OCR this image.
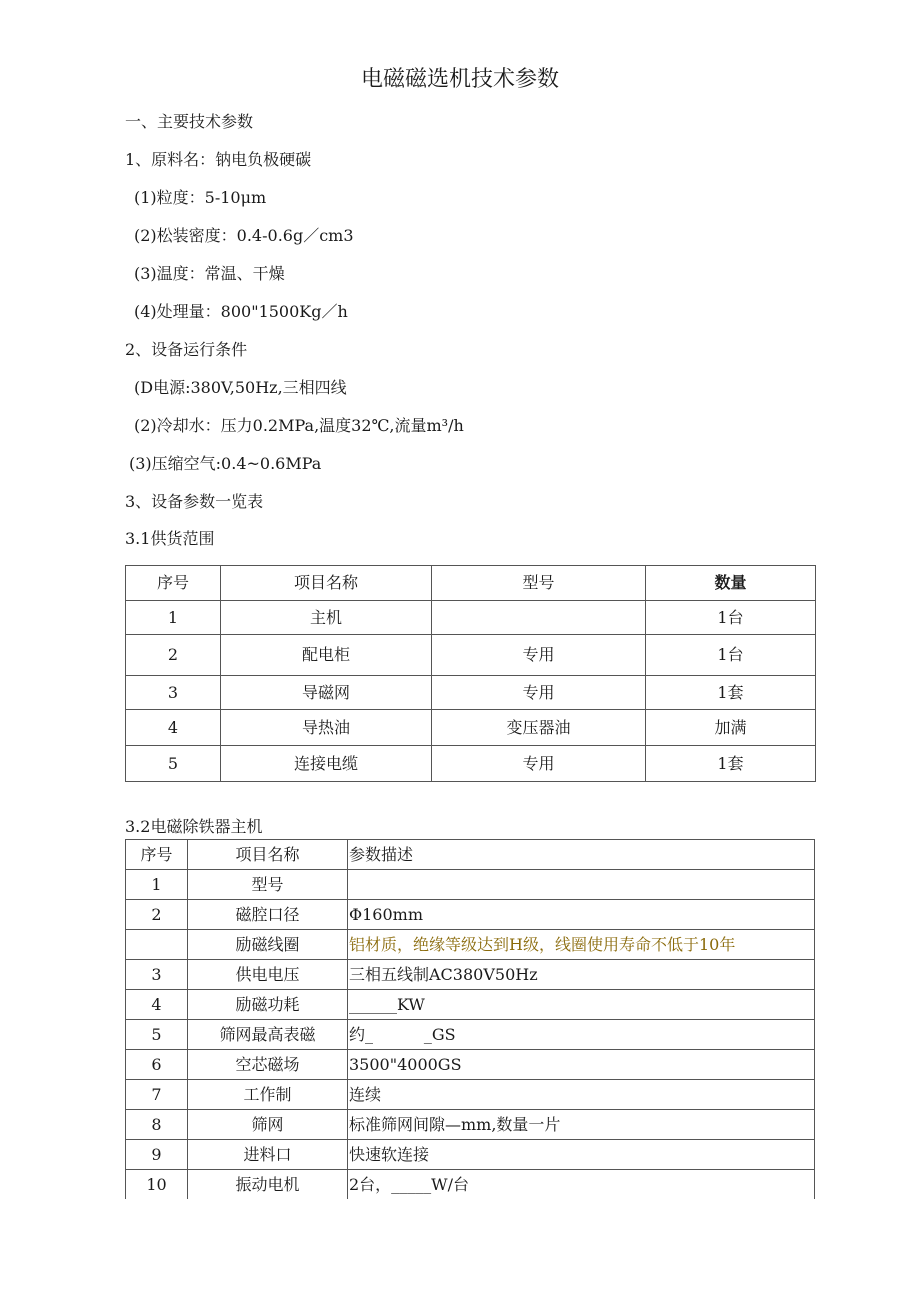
电磁磁选机技术参数
一、主要技术参数
1、原料名：钠电负极硬碳
(1)粒度：5-10μm
(2)松装密度：0.4-0.6g／cm3
(3)温度：常温、干燥
(4)处理量：800"1500Kg／h
2、设备运行条件
(D电源:380V,50Hz,三相四线
(2)冷却水：压力0.2MPa,温度32℃,流量m³/h
(3)压缩空气:0.4~0.6MPa
3、设备参数一览表
3.1供货范围
序号	项目名称	型号	数量
1	主机		1台
2	配电柜	专用	1台
3	导磁网	专用	1套
4	导热油	变压器油	加满
5	连接电缆	专用	1套
3.2电磁除铁器主机
序号	项目名称	参数描述
1	型号	
2	磁腔口径	Φ160mm
	励磁线圈	铝材质，绝缘等级达到H级，线圈使用寿命不低于10年
3	供电电压	三相五线制AC380V50Hz
4	励磁功耗	______KW
5	筛网最高表磁	约_          _GS
6	空芯磁场	3500"4000GS
7	工作制	连续
8	筛网	标准筛网间隙—mm,数量一片
9	进料口	快速软连接
10	振动电机	2台，_____W/台
